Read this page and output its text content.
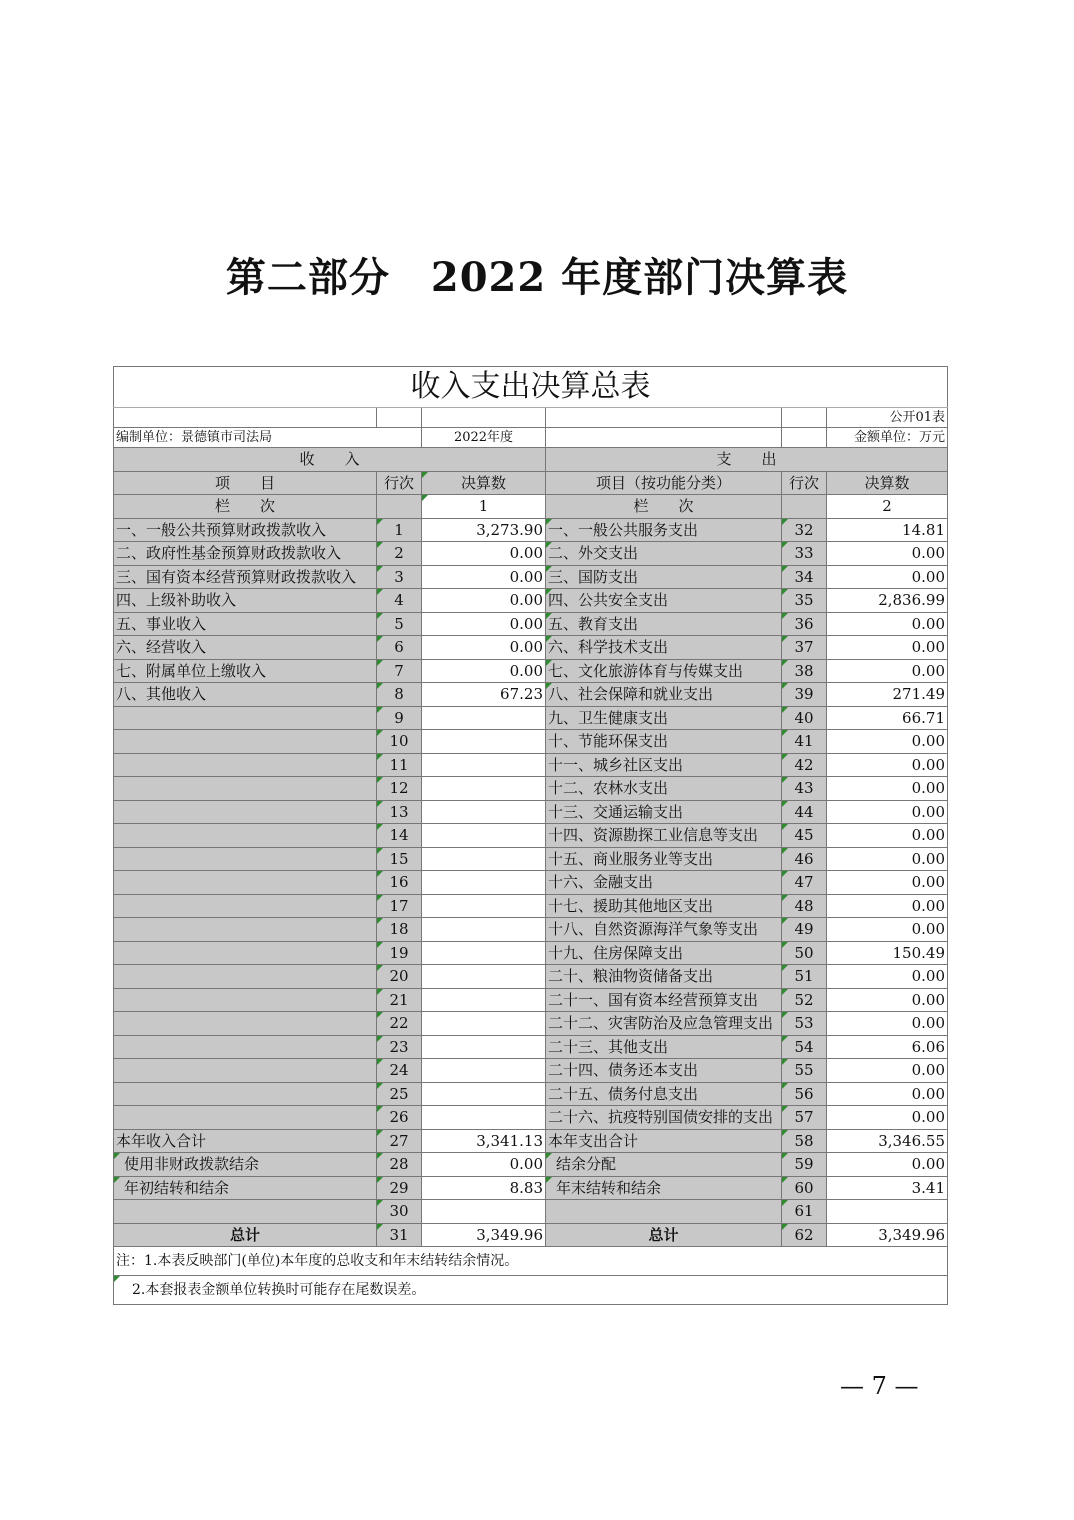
第二部分　2022 年度部门决算表
收入支出决算总表					
					公开01表
编制单位：景德镇市司法局		2022年度			金额单位：万元
收　　入			支　　出		
项　　目	行次	决算数	项目（按功能分类）	行次	决算数
栏　　次		1	栏　　次		2
一、一般公共预算财政拨款收入	1	3,273.90	一、一般公共服务支出	32	14.81
二、政府性基金预算财政拨款收入	2	0.00	二、外交支出	33	0.00
三、国有资本经营预算财政拨款收入	3	0.00	三、国防支出	34	0.00
四、上级补助收入	4	0.00	四、公共安全支出	35	2,836.99
五、事业收入	5	0.00	五、教育支出	36	0.00
六、经营收入	6	0.00	六、科学技术支出	37	0.00
七、附属单位上缴收入	7	0.00	七、文化旅游体育与传媒支出	38	0.00
八、其他收入	8	67.23	八、社会保障和就业支出	39	271.49
	9		九、卫生健康支出	40	66.71
	10		十、节能环保支出	41	0.00
	11		十一、城乡社区支出	42	0.00
	12		十二、农林水支出	43	0.00
	13		十三、交通运输支出	44	0.00
	14		十四、资源勘探工业信息等支出	45	0.00
	15		十五、商业服务业等支出	46	0.00
	16		十六、金融支出	47	0.00
	17		十七、援助其他地区支出	48	0.00
	18		十八、自然资源海洋气象等支出	49	0.00
	19		十九、住房保障支出	50	150.49
	20		二十、粮油物资储备支出	51	0.00
	21		二十一、国有资本经营预算支出	52	0.00
	22		二十二、灾害防治及应急管理支出	53	0.00
	23		二十三、其他支出	54	6.06
	24		二十四、债务还本支出	55	0.00
	25		二十五、债务付息支出	56	0.00
	26		二十六、抗疫特别国债安排的支出	57	0.00
本年收入合计	27	3,341.13	本年支出合计	58	3,346.55
使用非财政拨款结余	28	0.00	结余分配	59	0.00
年初结转和结余	29	8.83	年末结转和结余	60	3.41
	30			61	
总计	31	3,349.96	总计	62	3,349.96
注：1.本表反映部门(单位)本年度的总收支和年末结转结余情况。					
2.本套报表金额单位转换时可能存在尾数误差。					
— 7 —
